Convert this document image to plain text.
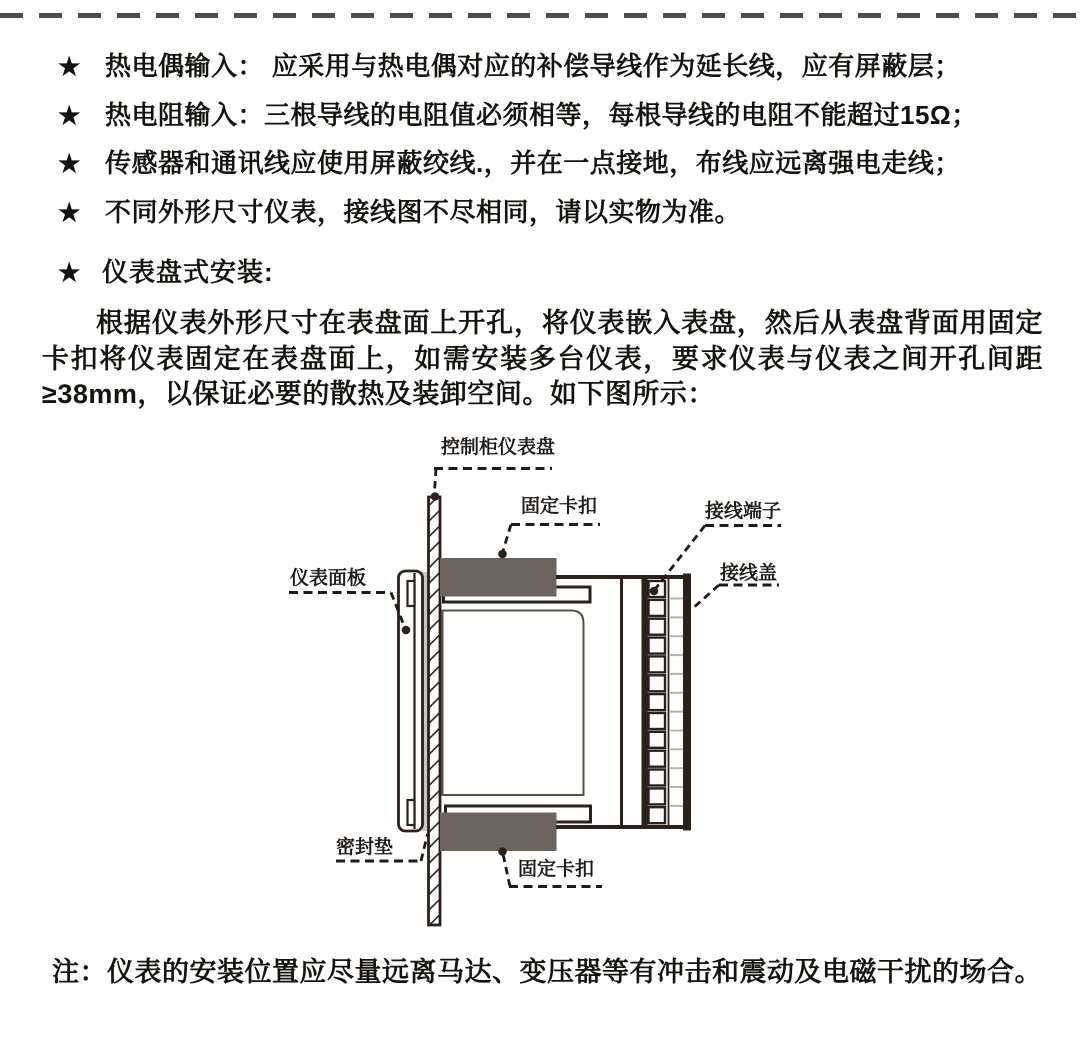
★ 热电偶输入： 应采用与热电偶对应的补偿导线作为延长线，应有屏蔽层；
★ 热电阻输入：三根导线的电阻值必须相等，每根导线的电阻不能超过15Ω；
★ 传感器和通讯线应使用屏蔽绞线.，并在一点接地，布线应远离强电走线；
★ 不同外形尺寸仪表，接线图不尽相同，请以实物为准。
★ 仪表盘式安装:

根据仪表外形尺寸在表盘面上开孔，将仪表嵌入表盘，然后从表盘背面用固定卡扣将仪表固定在表盘面上，如需安装多台仪表，要求仪表与仪表之间开孔间距≥38mm，以保证必要的散热及装卸空间。如下图所示：

控制柜仪表盘
固定卡扣	接线端子
接线盖
仪表面板
密封垫
固定卡扣
注：仪表的安装位置应尽量远离马达、变压器等有冲击和震动及电磁干扰的场合。
